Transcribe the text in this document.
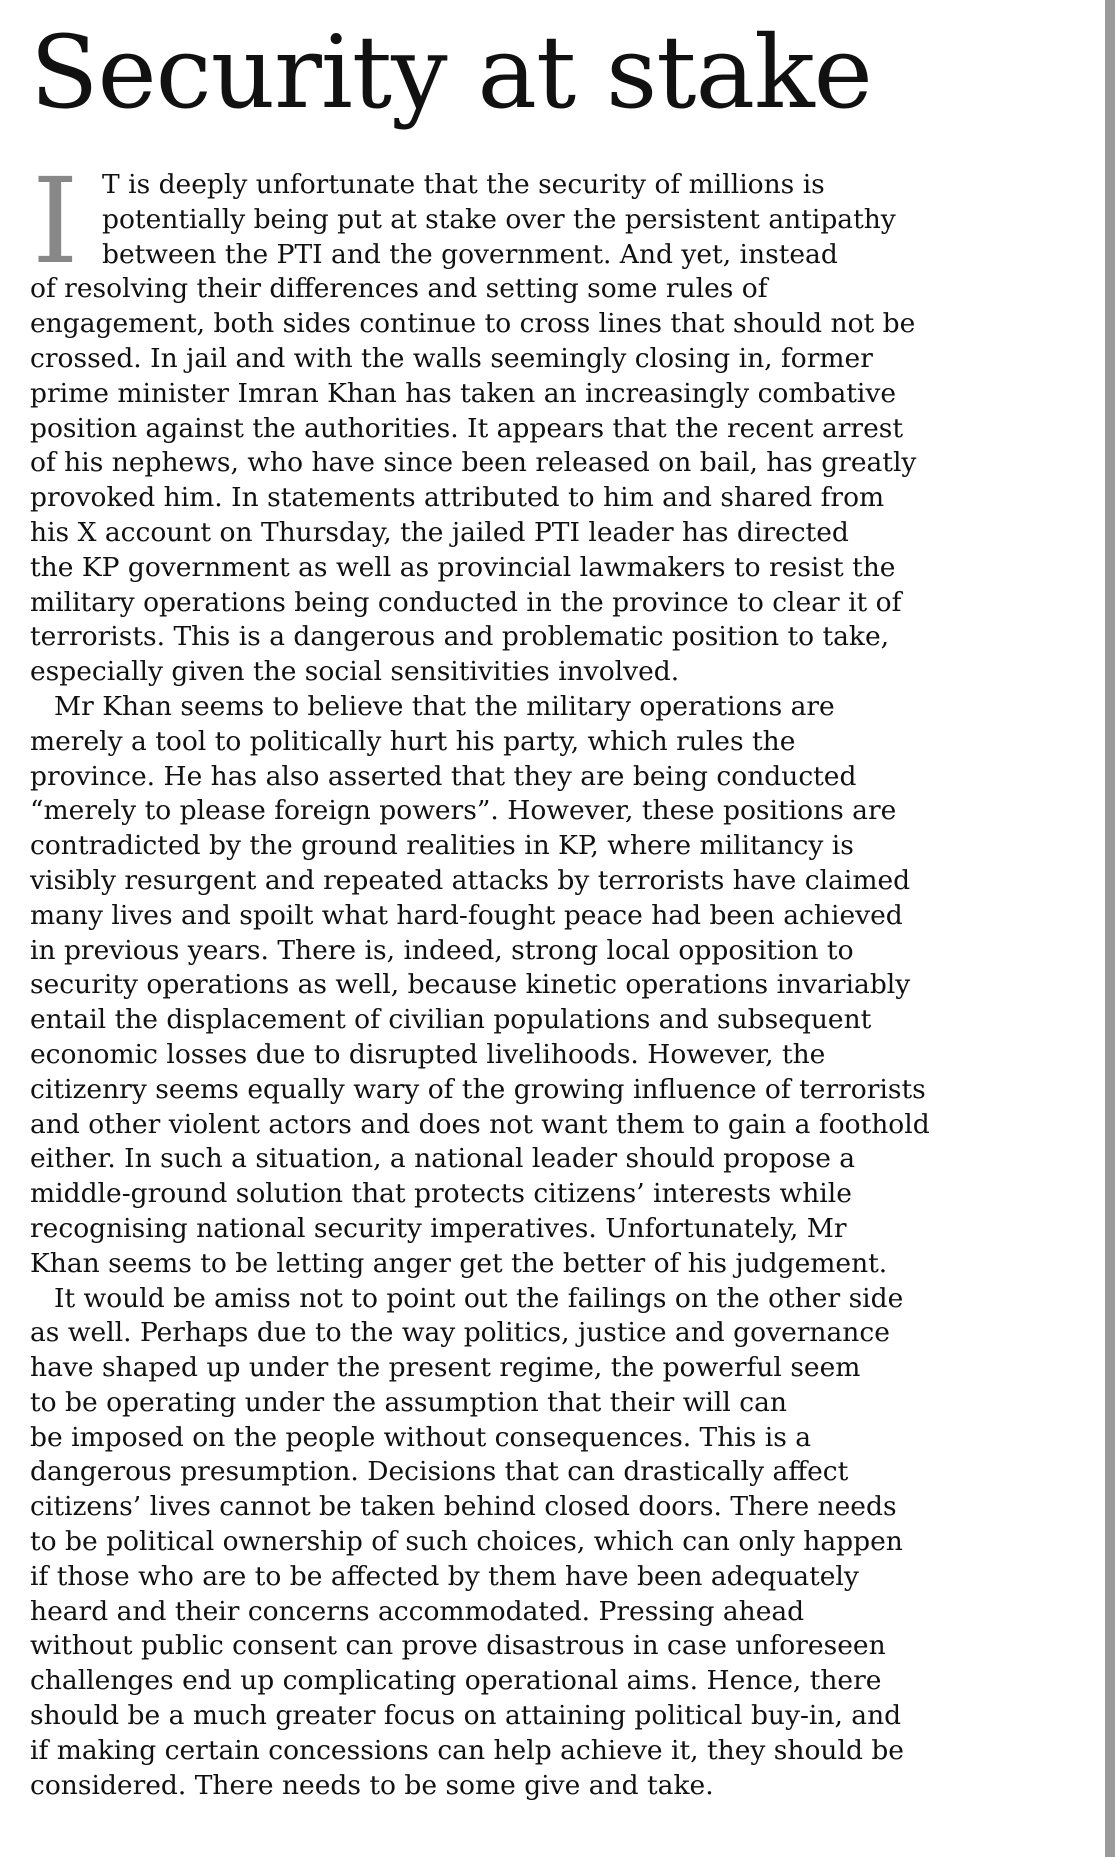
Security at stake
I T is deeply unfortunate that the security of millions is
potentially being put at stake over the persistent antipathy
between the PTI and the government. And yet, instead
of resolving their differences and setting some rules of
engagement, both sides continue to cross lines that should not be
crossed. In jail and with the walls seemingly closing in, former
prime minister Imran Khan has taken an increasingly combative
position against the authorities. It appears that the recent arrest
of his nephews, who have since been released on bail, has greatly
provoked him. In statements attributed to him and shared from
his X account on Thursday, the jailed PTI leader has directed
the KP government as well as provincial lawmakers to resist the
military operations being conducted in the province to clear it of
terrorists. This is a dangerous and problematic position to take,
especially given the social sensitivities involved.
Mr Khan seems to believe that the military operations are
merely a tool to politically hurt his party, which rules the
province. He has also asserted that they are being conducted
“merely to please foreign powers”. However, these positions are
contradicted by the ground realities in KP, where militancy is
visibly resurgent and repeated attacks by terrorists have claimed
many lives and spoilt what hard-fought peace had been achieved
in previous years. There is, indeed, strong local opposition to
security operations as well, because kinetic operations invariably
entail the displacement of civilian populations and subsequent
economic losses due to disrupted livelihoods. However, the
citizenry seems equally wary of the growing influence of terrorists
and other violent actors and does not want them to gain a foothold
either. In such a situation, a national leader should propose a
middle-ground solution that protects citizens’ interests while
recognising national security imperatives. Unfortunately, Mr
Khan seems to be letting anger get the better of his judgement.
It would be amiss not to point out the failings on the other side
as well. Perhaps due to the way politics, justice and governance
have shaped up under the present regime, the powerful seem
to be operating under the assumption that their will can
be imposed on the people without consequences. This is a
dangerous presumption. Decisions that can drastically affect
citizens’ lives cannot be taken behind closed doors. There needs
to be political ownership of such choices, which can only happen
if those who are to be affected by them have been adequately
heard and their concerns accommodated. Pressing ahead
without public consent can prove disastrous in case unforeseen
challenges end up complicating operational aims. Hence, there
should be a much greater focus on attaining political buy-in, and
if making certain concessions can help achieve it, they should be
considered. There needs to be some give and take.
